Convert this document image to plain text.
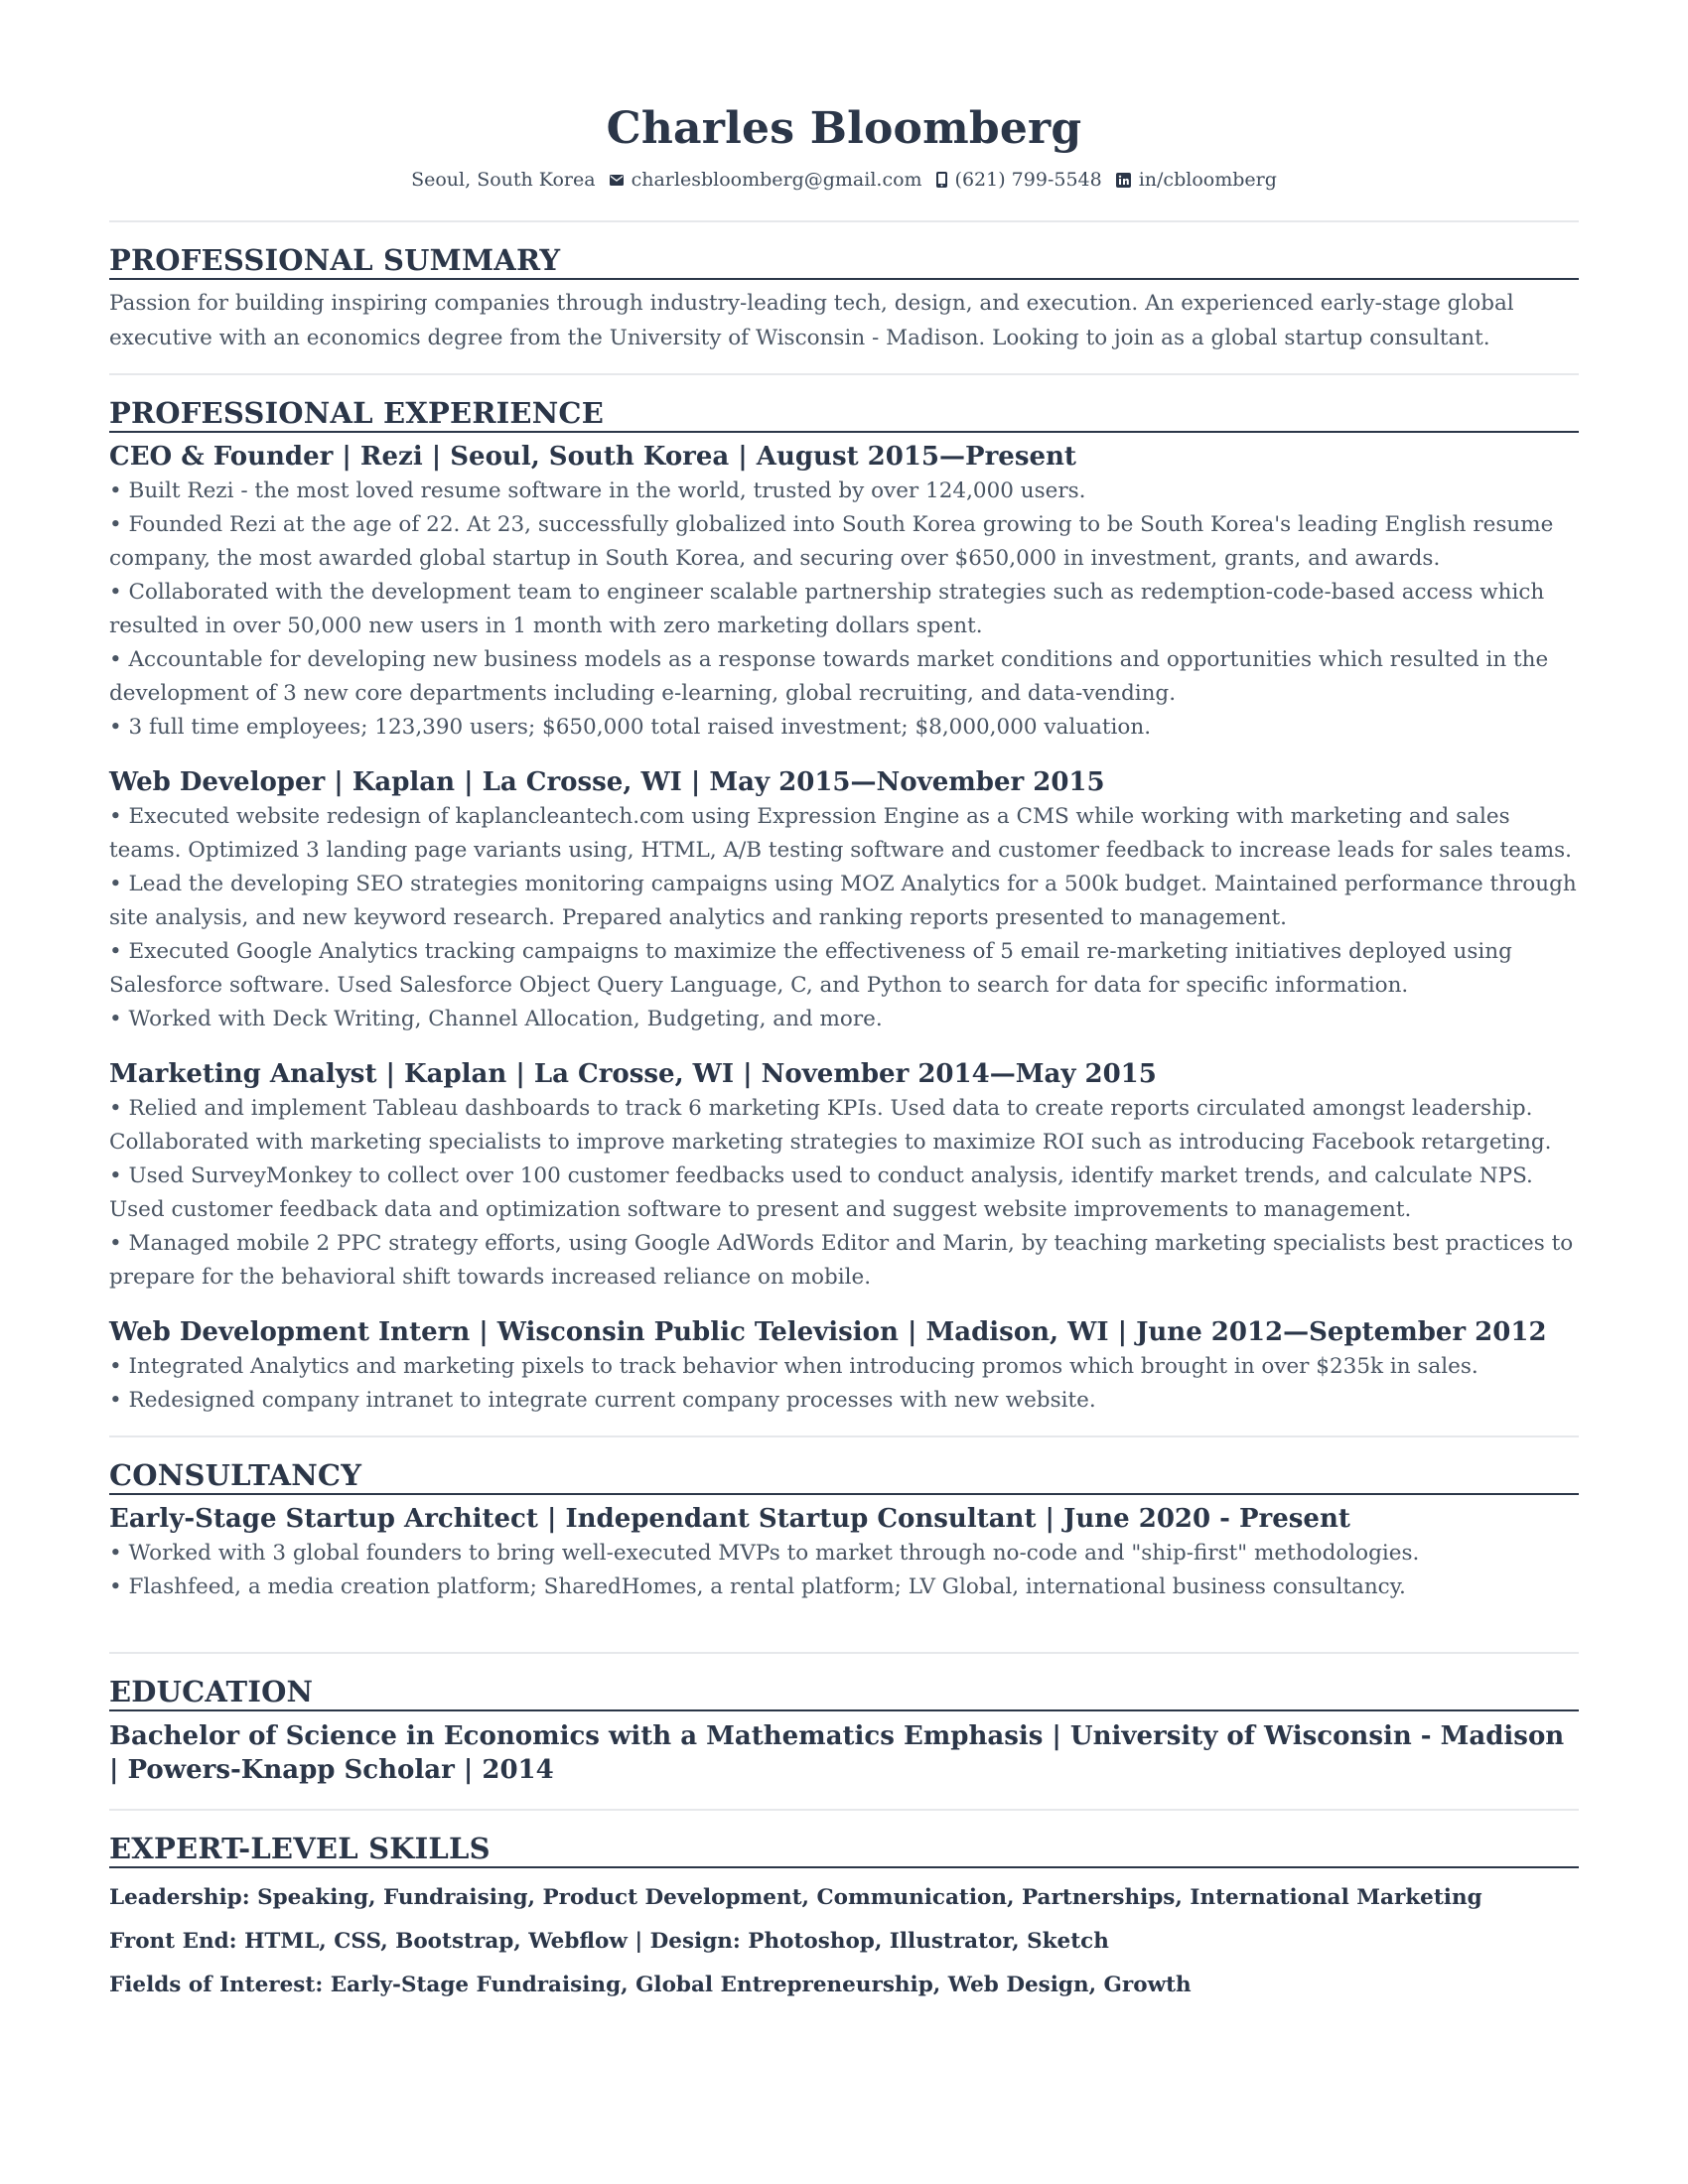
Charles Bloomberg
Seoul, South Korea charlesbloomberg@gmail.com (621) 799-5548 in/cbloomberg
PROFESSIONAL SUMMARY
Passion for building inspiring companies through industry-leading tech, design, and execution. An experienced early-stage global executive with an economics degree from the University of Wisconsin - Madison. Looking to join as a global startup consultant.
PROFESSIONAL EXPERIENCE
CEO & Founder | Rezi | Seoul, South Korea | August 2015—Present
• Built Rezi - the most loved resume software in the world, trusted by over 124,000 users.
• Founded Rezi at the age of 22. At 23, successfully globalized into South Korea growing to be South Korea's leading English resume company, the most awarded global startup in South Korea, and securing over $650,000 in investment, grants, and awards.
• Collaborated with the development team to engineer scalable partnership strategies such as redemption-code-based access which resulted in over 50,000 new users in 1 month with zero marketing dollars spent.
• Accountable for developing new business models as a response towards market conditions and opportunities which resulted in the development of 3 new core departments including e-learning, global recruiting, and data-vending.
• 3 full time employees; 123,390 users; $650,000 total raised investment; $8,000,000 valuation.
Web Developer | Kaplan | La Crosse, WI | May 2015—November 2015
• Executed website redesign of kaplancleantech.com using Expression Engine as a CMS while working with marketing and sales teams. Optimized 3 landing page variants using, HTML, A/B testing software and customer feedback to increase leads for sales teams.
• Lead the developing SEO strategies monitoring campaigns using MOZ Analytics for a 500k budget. Maintained performance through site analysis, and new keyword research. Prepared analytics and ranking reports presented to management.
• Executed Google Analytics tracking campaigns to maximize the effectiveness of 5 email re-marketing initiatives deployed using Salesforce software. Used Salesforce Object Query Language, C, and Python to search for data for specific information.
• Worked with Deck Writing, Channel Allocation, Budgeting, and more.
Marketing Analyst | Kaplan | La Crosse, WI | November 2014—May 2015
• Relied and implement Tableau dashboards to track 6 marketing KPIs. Used data to create reports circulated amongst leadership. Collaborated with marketing specialists to improve marketing strategies to maximize ROI such as introducing Facebook retargeting.
• Used SurveyMonkey to collect over 100 customer feedbacks used to conduct analysis, identify market trends, and calculate NPS. Used customer feedback data and optimization software to present and suggest website improvements to management.
• Managed mobile 2 PPC strategy efforts, using Google AdWords Editor and Marin, by teaching marketing specialists best practices to prepare for the behavioral shift towards increased reliance on mobile.
Web Development Intern | Wisconsin Public Television | Madison, WI | June 2012—September 2012
• Integrated Analytics and marketing pixels to track behavior when introducing promos which brought in over $235k in sales.
• Redesigned company intranet to integrate current company processes with new website.
CONSULTANCY
Early-Stage Startup Architect | Independant Startup Consultant | June 2020 - Present
• Worked with 3 global founders to bring well-executed MVPs to market through no-code and "ship-first" methodologies.
• Flashfeed, a media creation platform; SharedHomes, a rental platform; LV Global, international business consultancy.
EDUCATION
Bachelor of Science in Economics with a Mathematics Emphasis | University of Wisconsin - Madison | Powers-Knapp Scholar | 2014
EXPERT-LEVEL SKILLS
Leadership: Speaking, Fundraising, Product Development, Communication, Partnerships, International Marketing
Front End: HTML, CSS, Bootstrap, Webflow | Design: Photoshop, Illustrator, Sketch
Fields of Interest: Early-Stage Fundraising, Global Entrepreneurship, Web Design, Growth
